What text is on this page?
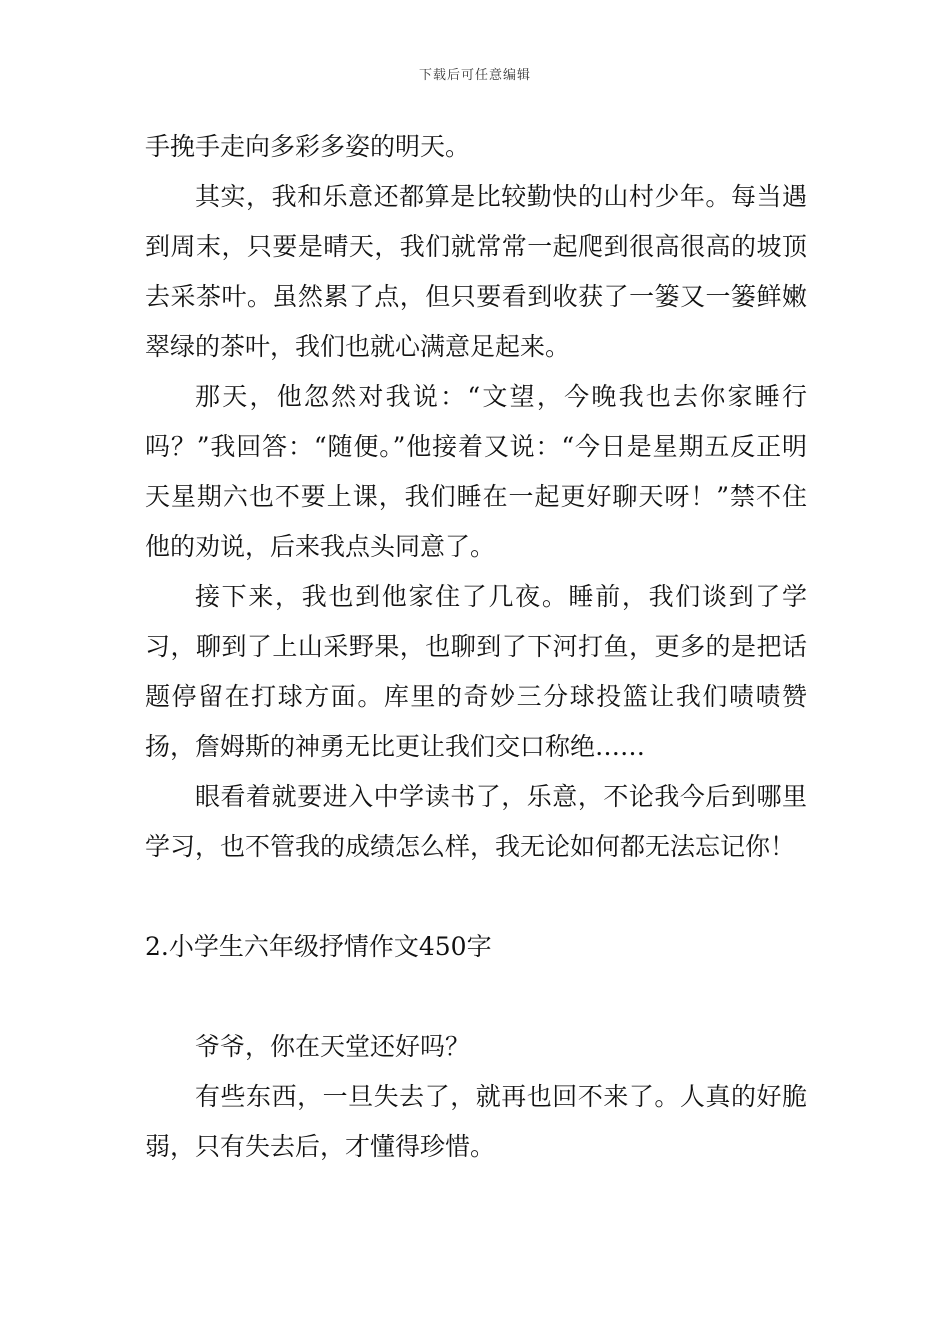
下载后可任意编辑

手挽手走向多彩多姿的明天。

其实，我和乐意还都算是比较勤快的山村少年。每当遇到周末，只要是晴天，我们就常常一起爬到很高很高的坡顶去采茶叶。虽然累了点，但只要看到收获了一篓又一篓鲜嫩翠绿的茶叶，我们也就心满意足起来。

那天，他忽然对我说：“文望，今晚我也去你家睡行吗？”我回答：“随便。”他接着又说：“今日是星期五反正明天星期六也不要上课，我们睡在一起更好聊天呀！”禁不住他的劝说，后来我点头同意了。

接下来，我也到他家住了几夜。睡前，我们谈到了学习，聊到了上山采野果，也聊到了下河打鱼，更多的是把话题停留在打球方面。库里的奇妙三分球投篮让我们啧啧赞扬，詹姆斯的神勇无比更让我们交口称绝……

眼看着就要进入中学读书了，乐意，不论我今后到哪里学习，也不管我的成绩怎么样，我无论如何都无法忘记你！

2.小学生六年级抒情作文450字

爷爷，你在天堂还好吗？

有些东西，一旦失去了，就再也回不来了。人真的好脆弱，只有失去后，才懂得珍惜。
